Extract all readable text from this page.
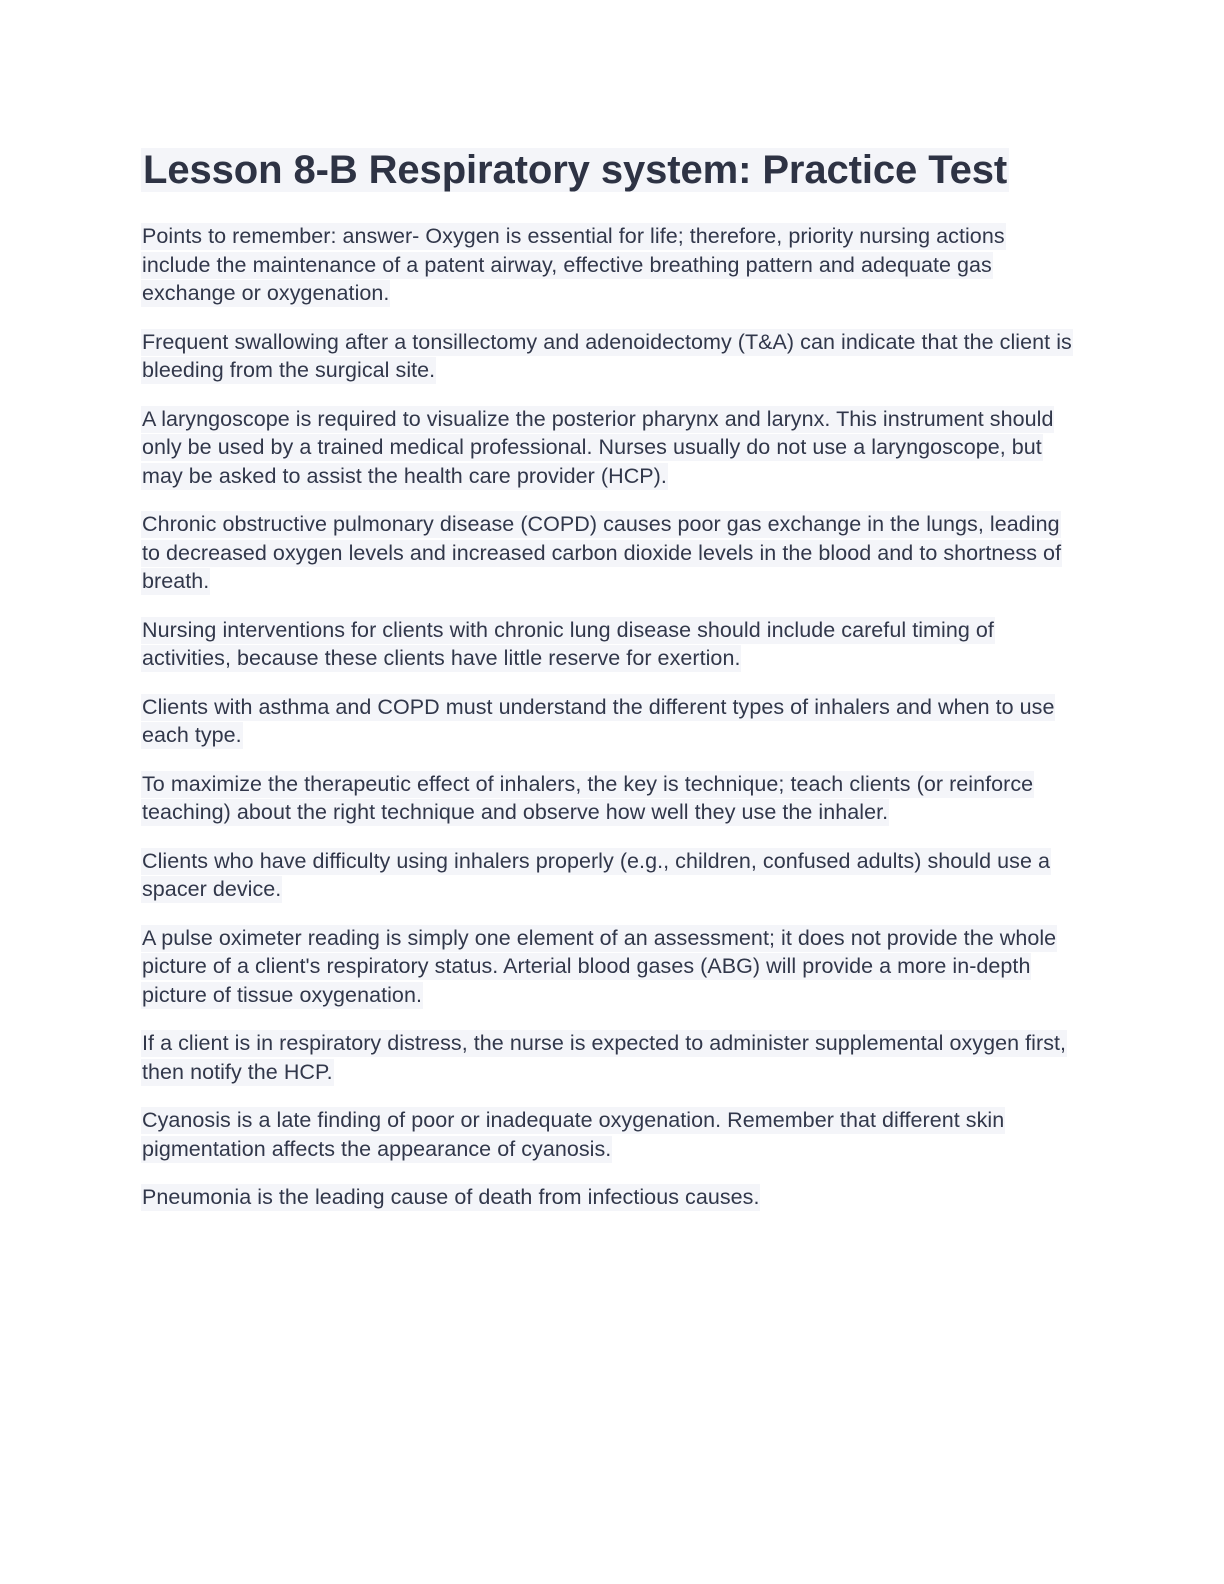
Lesson 8-B Respiratory system: Practice Test

Points to remember: answer- Oxygen is essential for life; therefore, priority nursing actions include the maintenance of a patent airway, effective breathing pattern and adequate gas exchange or oxygenation.

Frequent swallowing after a tonsillectomy and adenoidectomy (T&A) can indicate that the client is bleeding from the surgical site.

A laryngoscope is required to visualize the posterior pharynx and larynx. This instrument should only be used by a trained medical professional. Nurses usually do not use a laryngoscope, but may be asked to assist the health care provider (HCP).

Chronic obstructive pulmonary disease (COPD) causes poor gas exchange in the lungs, leading to decreased oxygen levels and increased carbon dioxide levels in the blood and to shortness of breath.

Nursing interventions for clients with chronic lung disease should include careful timing of activities, because these clients have little reserve for exertion.

Clients with asthma and COPD must understand the different types of inhalers and when to use each type.

To maximize the therapeutic effect of inhalers, the key is technique; teach clients (or reinforce teaching) about the right technique and observe how well they use the inhaler.

Clients who have difficulty using inhalers properly (e.g., children, confused adults) should use a spacer device.

A pulse oximeter reading is simply one element of an assessment; it does not provide the whole picture of a client's respiratory status. Arterial blood gases (ABG) will provide a more in-depth picture of tissue oxygenation.

If a client is in respiratory distress, the nurse is expected to administer supplemental oxygen first, then notify the HCP.

Cyanosis is a late finding of poor or inadequate oxygenation. Remember that different skin pigmentation affects the appearance of cyanosis.

Pneumonia is the leading cause of death from infectious causes.
